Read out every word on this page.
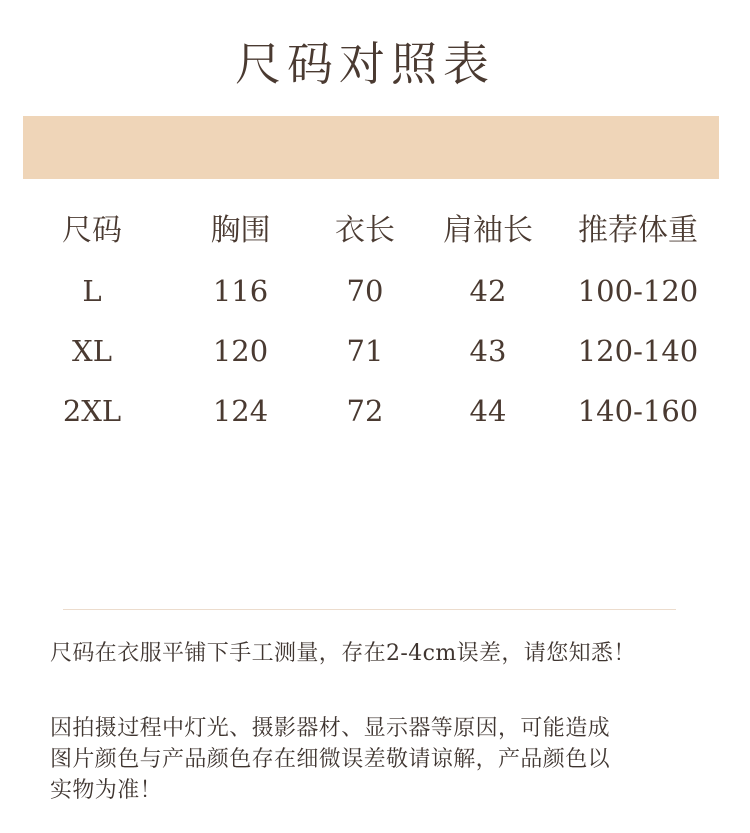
尺码对照表
尺码	胸围	衣长	肩袖长	推荐体重
L	116	70	42	100-120
XL	120	71	43	120-140
2XL	124	72	44	140-160
尺码在衣服平铺下手工测量，存在2-4cm误差，请您知悉！
因拍摄过程中灯光、摄影器材、显示器等原因，可能造成
图片颜色与产品颜色存在细微误差敬请谅解，产品颜色以
实物为准！
